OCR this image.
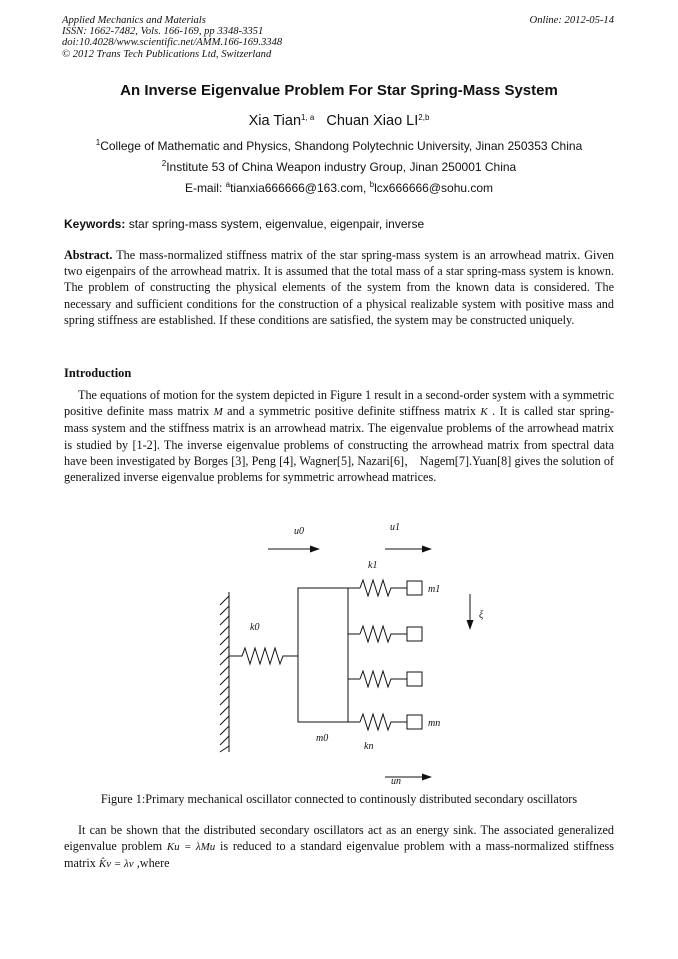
Applied Mechanics and Materials
ISSN: 1662-7482, Vols. 166-169, pp 3348-3351
doi:10.4028/www.scientific.net/AMM.166-169.3348
© 2012 Trans Tech Publications Ltd, Switzerland
Online: 2012-05-14
An Inverse Eigenvalue Problem For Star Spring-Mass System
Xia Tian$^{1, a}$ Chuan Xiao LI$^{2,b}$
$^1$College of Mathematic and Physics, Shandong Polytechnic University, Jinan 250353 China
$^2$Institute 53 of China Weapon industry Group, Jinan 250001 China
E-mail: $^a$tianxia666666@163.com, $^b$lcx666666@sohu.com
Keywords: star spring-mass system, eigenvalue, eigenpair, inverse
Abstract. The mass-normalized stiffness matrix of the star spring-mass system is an arrowhead matrix. Given two eigenpairs of the arrowhead matrix. It is assumed that the total mass of a star spring-mass system is known. The problem of constructing the physical elements of the system from the known data is considered. The necessary and sufficient conditions for the construction of a physical realizable system with positive mass and spring stiffness are established. If these conditions are satisfied, the system may be constructed uniquely.
Introduction
The equations of motion for the system depicted in Figure 1 result in a second-order system with a symmetric positive definite mass matrix M and a symmetric positive definite stiffness matrix K . It is called star spring-mass system and the stiffness matrix is an arrowhead matrix. The eigenvalue problems of the arrowhead matrix is studied by [1-2]. The inverse eigenvalue problems of constructing the arrowhead matrix from spectral data have been investigated by Borges [3], Peng [4], Wagner[5], Nazari[6]， Nagem[7].Yuan[8] gives the solution of generalized inverse eigenvalue problems for symmetric arrowhead matrices.
u0	u1
k1
k0
m1
mn
m0
kn
un
ξ
Figure 1:Primary mechanical oscillator connected to continously distributed secondary oscillators
It can be shown that the distributed secondary oscillators act as an energy sink. The associated generalized eigenvalue problem Ku = λMu is reduced to a standard eigenvalue problem with a mass-normalized stiffness matrix K̂v = λv ,where
